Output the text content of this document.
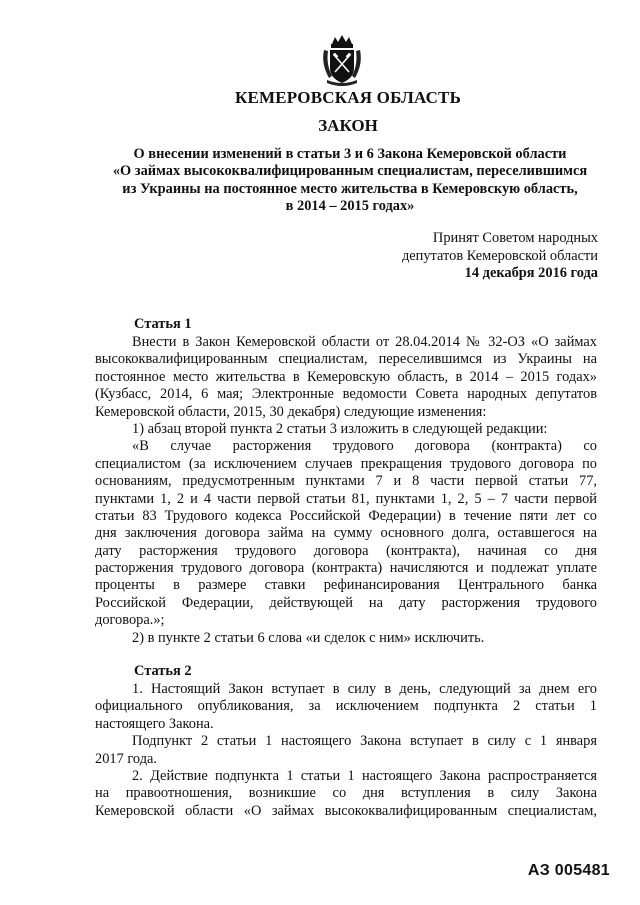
КЕМЕРОВСКАЯ ОБЛАСТЬ
ЗАКОН
О внесении изменений в статьи 3 и 6 Закона Кемеровской области
«О займах высококвалифицированным специалистам, переселившимся
из Украины на постоянное место жительства в Кемеровскую область,
в 2014 – 2015 годах»
Принят Советом народных
депутатов Кемеровской области
14 декабря 2016 года
Статья 1
Внести в Закон Кемеровской области от 28.04.2014 № 32-ОЗ «О займах
высококвалифицированным специалистам, переселившимся из Украины на
постоянное место жительства в Кемеровскую область, в 2014 – 2015 годах»
(Кузбасс, 2014, 6 мая; Электронные ведомости Совета народных депутатов
Кемеровской области, 2015, 30 декабря) следующие изменения:
1) абзац второй пункта 2 статьи 3 изложить в следующей редакции:
«В случае расторжения трудового договора (контракта) со
специалистом (за исключением случаев прекращения трудового договора по
основаниям, предусмотренным пунктами 7 и 8 части первой статьи 77,
пунктами 1, 2 и 4 части первой статьи 81, пунктами 1, 2, 5 – 7 части первой
статьи 83 Трудового кодекса Российской Федерации) в течение пяти лет со
дня заключения договора займа на сумму основного долга, оставшегося на
дату расторжения трудового договора (контракта), начиная со дня
расторжения трудового договора (контракта) начисляются и подлежат уплате
проценты в размере ставки рефинансирования Центрального банка
Российской Федерации, действующей на дату расторжения трудового
договора.»;
2) в пункте 2 статьи 6 слова «и сделок с ним» исключить.
Статья 2
1. Настоящий Закон вступает в силу в день, следующий за днем его
официального опубликования, за исключением подпункта 2 статьи 1
настоящего Закона.
Подпункт 2 статьи 1 настоящего Закона вступает в силу с 1 января
2017 года.
2. Действие подпункта 1 статьи 1 настоящего Закона распространяется
на правоотношения, возникшие со дня вступления в силу Закона
Кемеровской области «О займах высококвалифицированным специалистам,
АЗ 005481
